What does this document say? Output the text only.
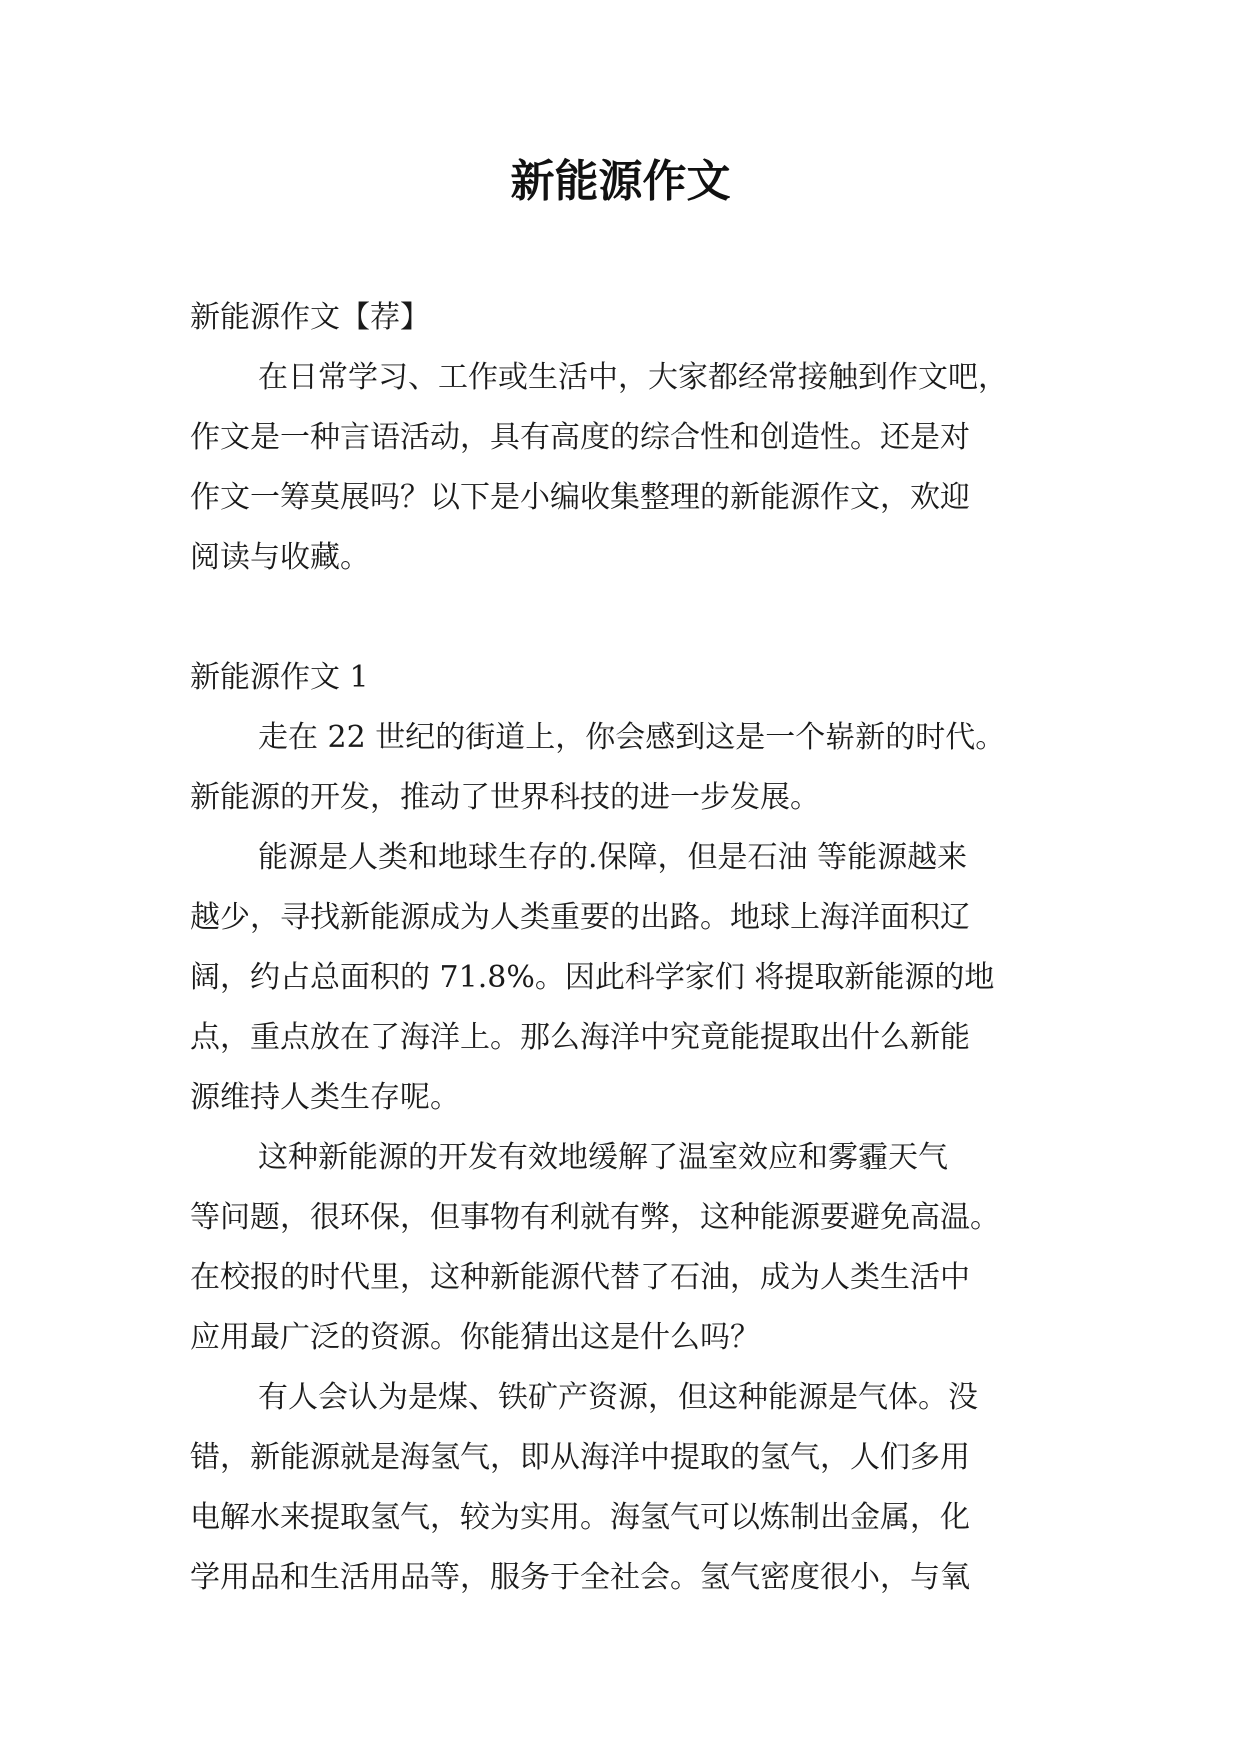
新能源作文
新能源作文【荐】
在日常学习、工作或生活中，大家都经常接触到作文吧，
作文是一种言语活动，具有高度的综合性和创造性。还是对
作文一筹莫展吗？以下是小编收集整理的新能源作文，欢迎
阅读与收藏。
新能源作文 1
走在 22 世纪的街道上，你会感到这是一个崭新的时代。
新能源的开发，推动了世界科技的进一步发展。
能源是人类和地球生存的.保障，但是石油 等能源越来
越少，寻找新能源成为人类重要的出路。地球上海洋面积辽
阔，约占总面积的 71.8%。因此科学家们 将提取新能源的地
点，重点放在了海洋上。那么海洋中究竟能提取出什么新能
源维持人类生存呢。
这种新能源的开发有效地缓解了温室效应和雾霾天气
等问题，很环保，但事物有利就有弊，这种能源要避免高温。
在校报的时代里，这种新能源代替了石油，成为人类生活中
应用最广泛的资源。你能猜出这是什么吗？
有人会认为是煤、铁矿产资源，但这种能源是气体。没
错，新能源就是海氢气，即从海洋中提取的氢气，人们多用
电解水来提取氢气，较为实用。海氢气可以炼制出金属，化
学用品和生活用品等，服务于全社会。氢气密度很小，与氧
